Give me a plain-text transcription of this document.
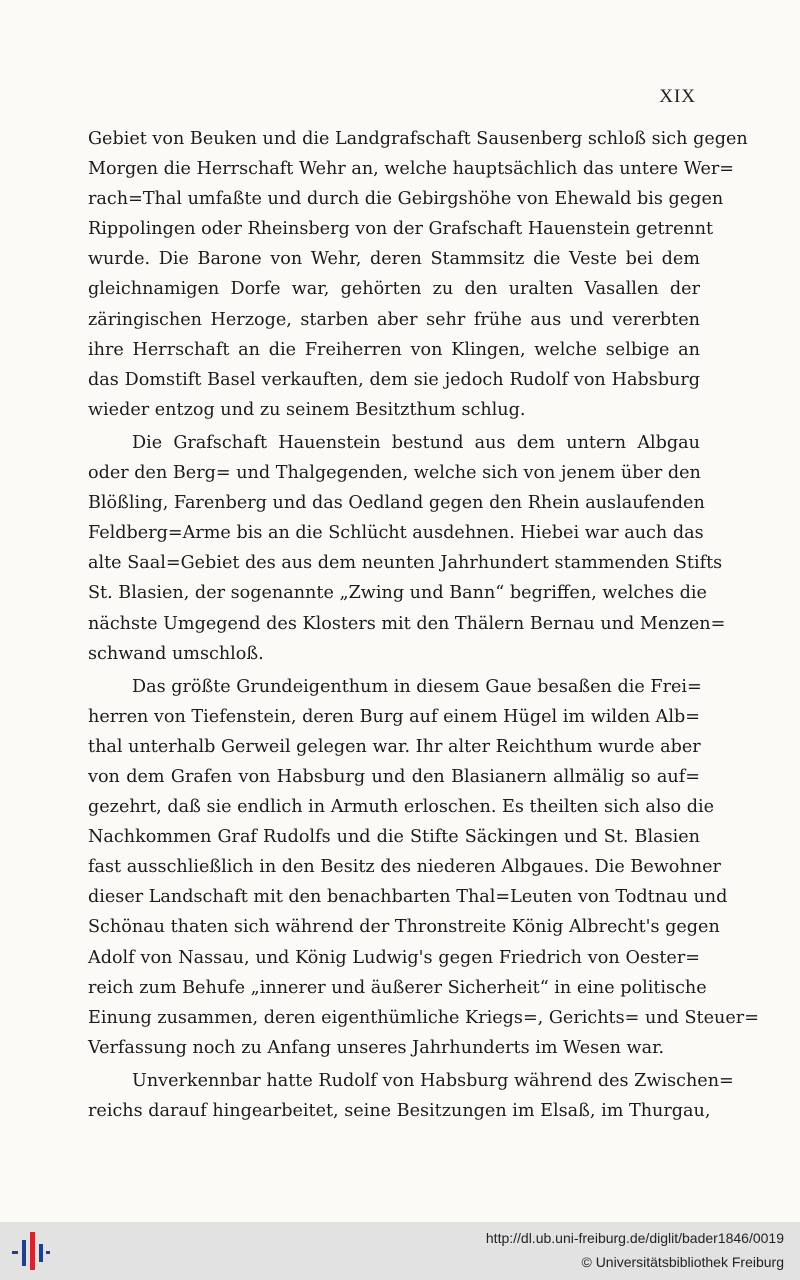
XIX
Gebiet von Beuken und die Landgrafschaft Sausenberg schloß sich gegen
Morgen die Herrschaft Wehr an, welche hauptsächlich das untere Wer=
rach=Thal umfaßte und durch die Gebirgshöhe von Ehewald bis gegen
Rippolingen oder Rheinsberg von der Grafschaft Hauenstein getrennt
wurde. Die Barone von Wehr, deren Stammsitz die Veste bei dem
gleichnamigen Dorfe war, gehörten zu den uralten Vasallen der
zäringischen Herzoge, starben aber sehr frühe aus und vererbten
ihre Herrschaft an die Freiherren von Klingen, welche selbige an
das Domstift Basel verkauften, dem sie jedoch Rudolf von Habsburg
wieder entzog und zu seinem Besitzthum schlug.
Die Grafschaft Hauenstein bestund aus dem untern Albgau
oder den Berg= und Thalgegenden, welche sich von jenem über den
Blößling, Farenberg und das Oedland gegen den Rhein auslaufenden
Feldberg=Arme bis an die Schlücht ausdehnen. Hiebei war auch das
alte Saal=Gebiet des aus dem neunten Jahrhundert stammenden Stifts
St. Blasien, der sogenannte „Zwing und Bann“ begriffen, welches die
nächste Umgegend des Klosters mit den Thälern Bernau und Menzen=
schwand umschloß.
Das größte Grundeigenthum in diesem Gaue besaßen die Frei=
herren von Tiefenstein, deren Burg auf einem Hügel im wilden Alb=
thal unterhalb Gerweil gelegen war. Ihr alter Reichthum wurde aber
von dem Grafen von Habsburg und den Blasianern allmälig so auf=
gezehrt, daß sie endlich in Armuth erloschen. Es theilten sich also die
Nachkommen Graf Rudolfs und die Stifte Säckingen und St. Blasien
fast ausschließlich in den Besitz des niederen Albgaues. Die Bewohner
dieser Landschaft mit den benachbarten Thal=Leuten von Todtnau und
Schönau thaten sich während der Thronstreite König Albrecht's gegen
Adolf von Nassau, und König Ludwig's gegen Friedrich von Oester=
reich zum Behufe „innerer und äußerer Sicherheit“ in eine politische
Einung zusammen, deren eigenthümliche Kriegs=, Gerichts= und Steuer=
Verfassung noch zu Anfang unseres Jahrhunderts im Wesen war.
Unverkennbar hatte Rudolf von Habsburg während des Zwischen=
reichs darauf hingearbeitet, seine Besitzungen im Elsaß, im Thurgau,
http://dl.ub.uni-freiburg.de/diglit/bader1846/0019
© Universitätsbibliothek Freiburg
